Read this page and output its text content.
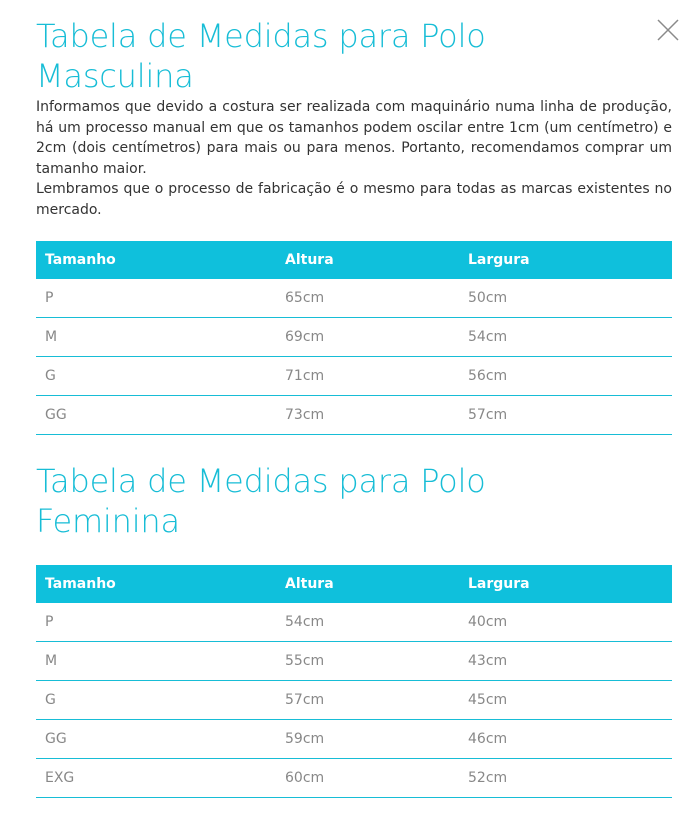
Tabela de Medidas para Polo
Masculina

Informamos que devido a costura ser realizada com maquinário numa linha de produção, há um processo manual em que os tamanhos podem oscilar entre 1cm (um centímetro) e 2cm (dois centímetros) para mais ou para menos. Portanto, recomendamos comprar um tamanho maior.

Lembramos que o processo de fabricação é o mesmo para todas as marcas existentes no mercado.

Tamanho	Altura	Largura
P	65cm	50cm
M	69cm	54cm
G	71cm	56cm
GG	73cm	57cm
Tabela de Medidas para Polo
Feminina
Tamanho	Altura	Largura
P	54cm	40cm
M	55cm	43cm
G	57cm	45cm
GG	59cm	46cm
EXG	60cm	52cm
